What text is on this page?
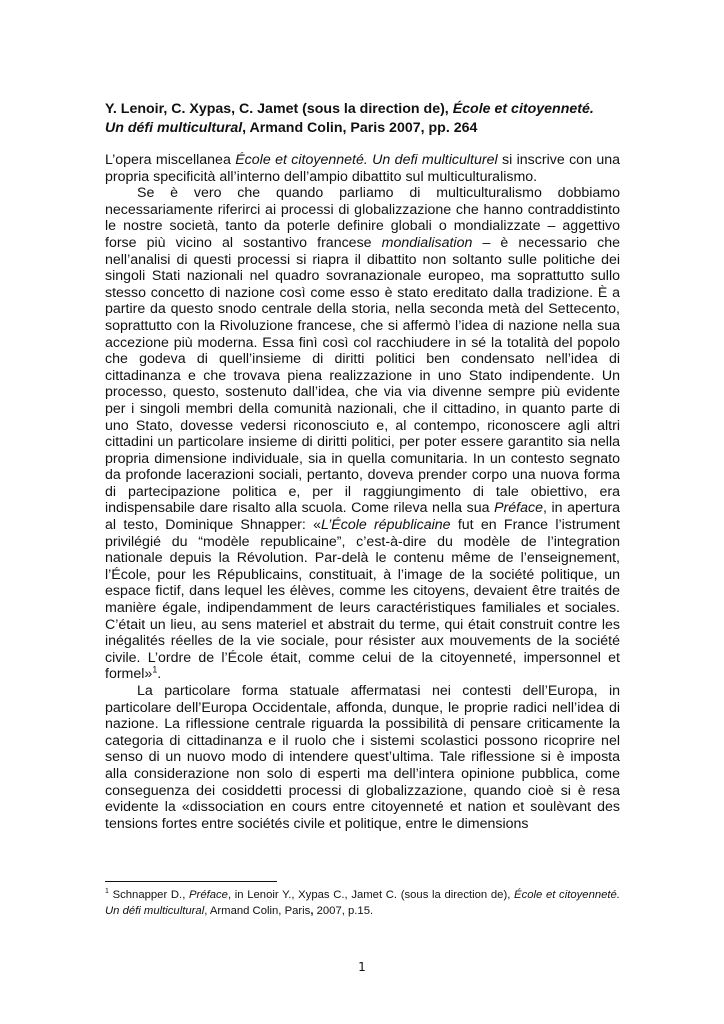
Y. Lenoir, C. Xypas, C. Jamet (sous la direction de), École et citoyenneté.
Un défi multicultural, Armand Colin, Paris 2007, pp. 264

L’opera miscellanea École et citoyenneté. Un defi multiculturel si inscrive con una propria specificità all’interno dell’ampio dibattito sul multiculturalismo.

Se è vero che quando parliamo di multiculturalismo dobbiamo necessariamente riferirci ai processi di globalizzazione che hanno contraddistinto le nostre società, tanto da poterle definire globali o mondializzate – aggettivo forse più vicino al sostantivo francese mondialisation – è necessario che nell’analisi di questi processi si riapra il dibattito non soltanto sulle politiche dei singoli Stati nazionali nel quadro sovranazionale europeo, ma soprattutto sullo stesso concetto di nazione così come esso è stato ereditato dalla tradizione. È a partire da questo snodo centrale della storia, nella seconda metà del Settecento, soprattutto con la Rivoluzione francese, che si affermò l’idea di nazione nella sua accezione più moderna. Essa finì così col racchiudere in sé la totalità del popolo che godeva di quell’insieme di diritti politici ben condensato nell’idea di cittadinanza e che trovava piena realizzazione in uno Stato indipendente. Un processo, questo, sostenuto dall’idea, che via via divenne sempre più evidente per i singoli membri della comunità nazionali, che il cittadino, in quanto parte di uno Stato, dovesse vedersi riconosciuto e, al contempo, riconoscere agli altri cittadini un particolare insieme di diritti politici, per poter essere garantito sia nella propria dimensione individuale, sia in quella comunitaria. In un contesto segnato da profonde lacerazioni sociali, pertanto, doveva prender corpo una nuova forma di partecipazione politica e, per il raggiungimento di tale obiettivo, era indispensabile dare risalto alla scuola. Come rileva nella sua Préface, in apertura al testo, Dominique Shnapper: «L’École républicaine fut en France l’istrument privilégié du “modèle republicaine”, c’est-à-dire du modèle de l’integration nationale depuis la Révolution. Par-delà le contenu même de l’enseignement, l’École, pour les Républicains, constituait, à l’image de la société politique, un espace fictif, dans lequel les élèves, comme les citoyens, devaient être traités de manière égale, indipendamment de leurs caractéristiques familiales et sociales. C’était un lieu, au sens materiel et abstrait du terme, qui était construit contre les inégalités réelles de la vie sociale, pour résister aux mouvements de la société civile. L’ordre de l’École était, comme celui de la citoyenneté, impersonnel et formel»$^1$.

La particolare forma statuale affermatasi nei contesti dell’Europa, in particolare dell’Europa Occidentale, affonda, dunque, le proprie radici nell’idea di nazione. La riflessione centrale riguarda la possibilità di pensare criticamente la categoria di cittadinanza e il ruolo che i sistemi scolastici possono ricoprire nel senso di un nuovo modo di intendere quest’ultima. Tale riflessione si è imposta alla considerazione non solo di esperti ma dell’intera opinione pubblica, come conseguenza dei cosiddetti processi di globalizzazione, quando cioè si è resa evidente la «dissociation en cours entre citoyenneté et nation et soulèvant des tensions fortes entre sociétés civile et politique, entre le dimensions

$^1$ Schnapper D., Préface, in Lenoir Y., Xypas C., Jamet C. (sous la direction de), École et citoyenneté. Un défi multicultural, Armand Colin, Paris, 2007, p.15.

1
